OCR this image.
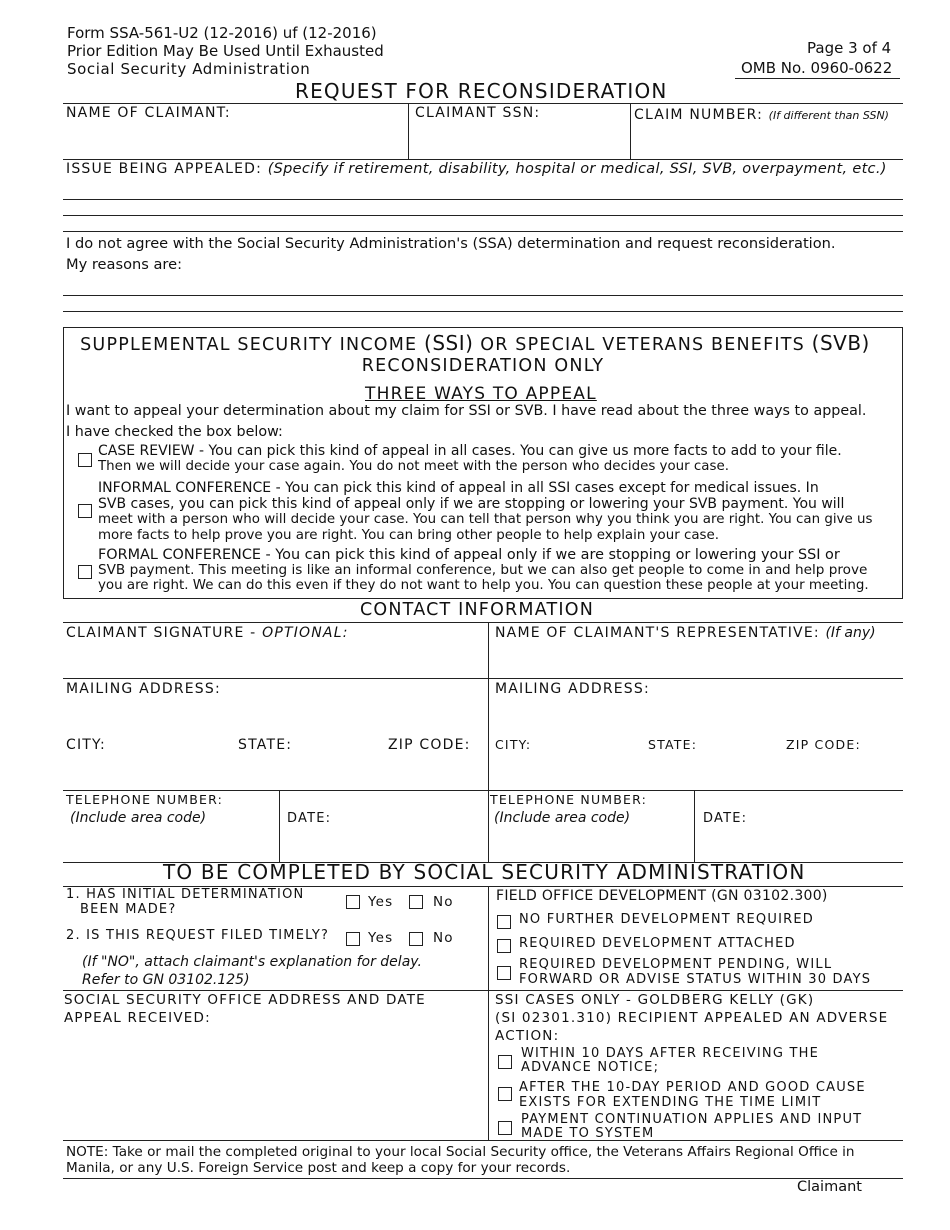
Form SSA-561-U2 (12-2016) uf (12-2016)
Prior Edition May Be Used Until Exhausted
Social Security Administration
Page 3 of 4
OMB No. 0960-0622
REQUEST FOR RECONSIDERATION
NAME OF CLAIMANT:	CLAIMANT SSN:	CLAIM NUMBER: (If different than SSN)
ISSUE BEING APPEALED: (Specify if retirement, disability, hospital or medical, SSI, SVB, overpayment, etc.)
I do not agree with the Social Security Administration's (SSA) determination and request reconsideration.
My reasons are:
SUPPLEMENTAL SECURITY INCOME (SSI) OR SPECIAL VETERANS BENEFITS (SVB)
RECONSIDERATION ONLY
THREE WAYS TO APPEAL
I want to appeal your determination about my claim for SSI or SVB. I have read about the three ways to appeal.
I have checked the box below:
CASE REVIEW - You can pick this kind of appeal in all cases. You can give us more facts to add to your file.
Then we will decide your case again. You do not meet with the person who decides your case.
INFORMAL CONFERENCE - You can pick this kind of appeal in all SSI cases except for medical issues. In
SVB cases, you can pick this kind of appeal only if we are stopping or lowering your SVB payment. You will
meet with a person who will decide your case. You can tell that person why you think you are right. You can give us
more facts to help prove you are right. You can bring other people to help explain your case.
FORMAL CONFERENCE - You can pick this kind of appeal only if we are stopping or lowering your SSI or
SVB payment. This meeting is like an informal conference, but we can also get people to come in and help prove
you are right. We can do this even if they do not want to help you. You can question these people at your meeting.
CONTACT INFORMATION
CLAIMANT SIGNATURE - OPTIONAL:	NAME OF CLAIMANT'S REPRESENTATIVE: (If any)
MAILING ADDRESS:	MAILING ADDRESS:
CITY:	STATE:	ZIP CODE: CITY:	STATE:	ZIP CODE:
TELEPHONE NUMBER:
(Include area code)	DATE:
TELEPHONE NUMBER:
(Include area code)	DATE:
TO BE COMPLETED BY SOCIAL SECURITY ADMINISTRATION
1. HAS INITIAL DETERMINATION
BEEN MADE?	Yes	No
2. IS THIS REQUEST FILED TIMELY?	Yes	No
(If "NO", attach claimant's explanation for delay.
Refer to GN 03102.125)
FIELD OFFICE DEVELOPMENT (GN 03102.300)
NO FURTHER DEVELOPMENT REQUIRED
REQUIRED DEVELOPMENT ATTACHED
REQUIRED DEVELOPMENT PENDING, WILL
FORWARD OR ADVISE STATUS WITHIN 30 DAYS
SOCIAL SECURITY OFFICE ADDRESS AND DATE
APPEAL RECEIVED:
SSI CASES ONLY - GOLDBERG KELLY (GK)
(SI 02301.310) RECIPIENT APPEALED AN ADVERSE
ACTION:
WITHIN 10 DAYS AFTER RECEIVING THE
ADVANCE NOTICE;
AFTER THE 10-DAY PERIOD AND GOOD CAUSE
EXISTS FOR EXTENDING THE TIME LIMIT
PAYMENT CONTINUATION APPLIES AND INPUT
MADE TO SYSTEM
NOTE: Take or mail the completed original to your local Social Security office, the Veterans Affairs Regional Office in
Manila, or any U.S. Foreign Service post and keep a copy for your records.
Claimant
